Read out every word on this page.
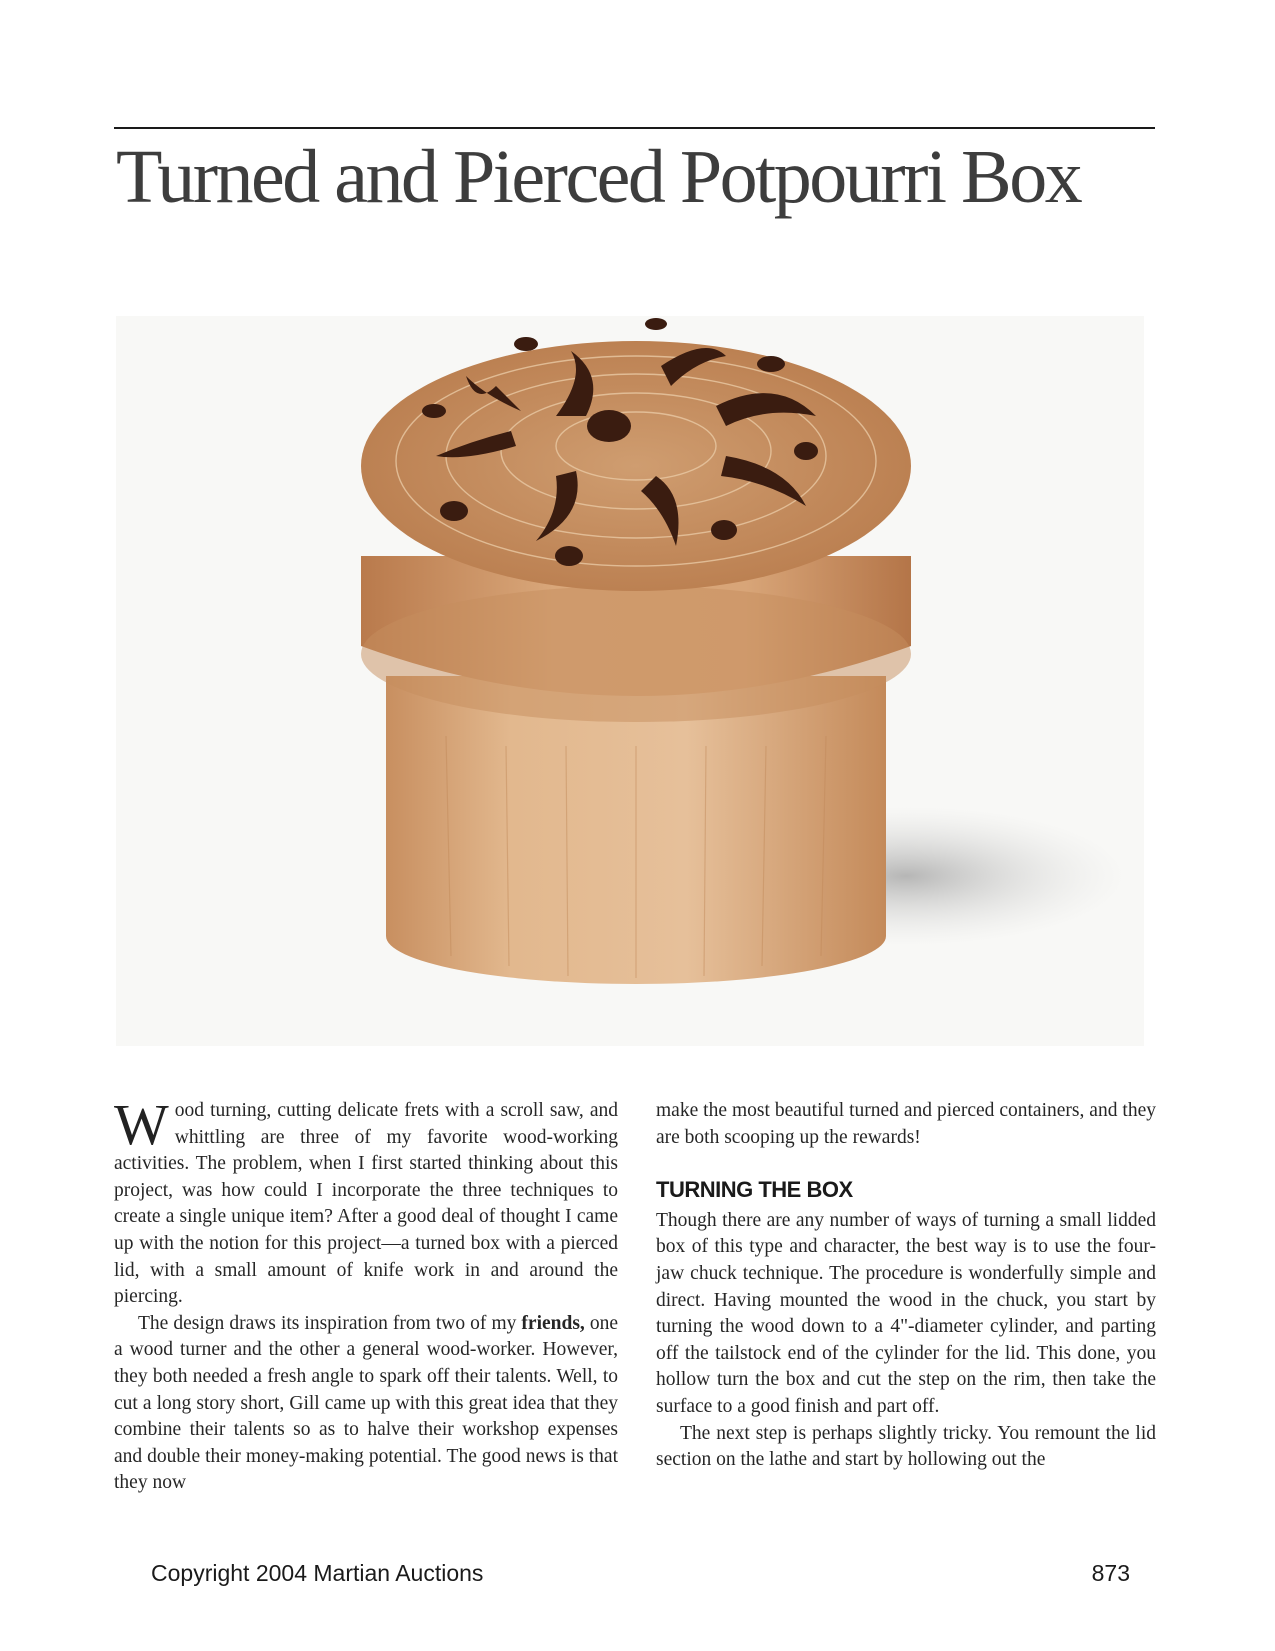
Turned and Pierced Potpourri Box

Wood turning, cutting delicate frets with a scroll saw, and whittling are three of my favorite wood-working activities. The problem, when I first started thinking about this project, was how could I incorporate the three techniques to create a single unique item? After a good deal of thought I came up with the notion for this project—a turned box with a pierced lid, with a small amount of knife work in and around the piercing.

The design draws its inspiration from two of my friends, one a wood turner and the other a general wood-worker. However, they both needed a fresh angle to spark off their talents. Well, to cut a long story short, Gill came up with this great idea that they combine their talents so as to halve their workshop expenses and double their money-making potential. The good news is that they now

make the most beautiful turned and pierced containers, and they are both scooping up the rewards!

TURNING THE BOX

Though there are any number of ways of turning a small lidded box of this type and character, the best way is to use the four-jaw chuck technique. The procedure is wonderfully simple and direct. Having mounted the wood in the chuck, you start by turning the wood down to a 4"-diameter cylinder, and parting off the tailstock end of the cylinder for the lid. This done, you hollow turn the box and cut the step on the rim, then take the surface to a good finish and part off.

The next step is perhaps slightly tricky. You remount the lid section on the lathe and start by hollowing out the

Copyright 2004 Martian Auctions	873
